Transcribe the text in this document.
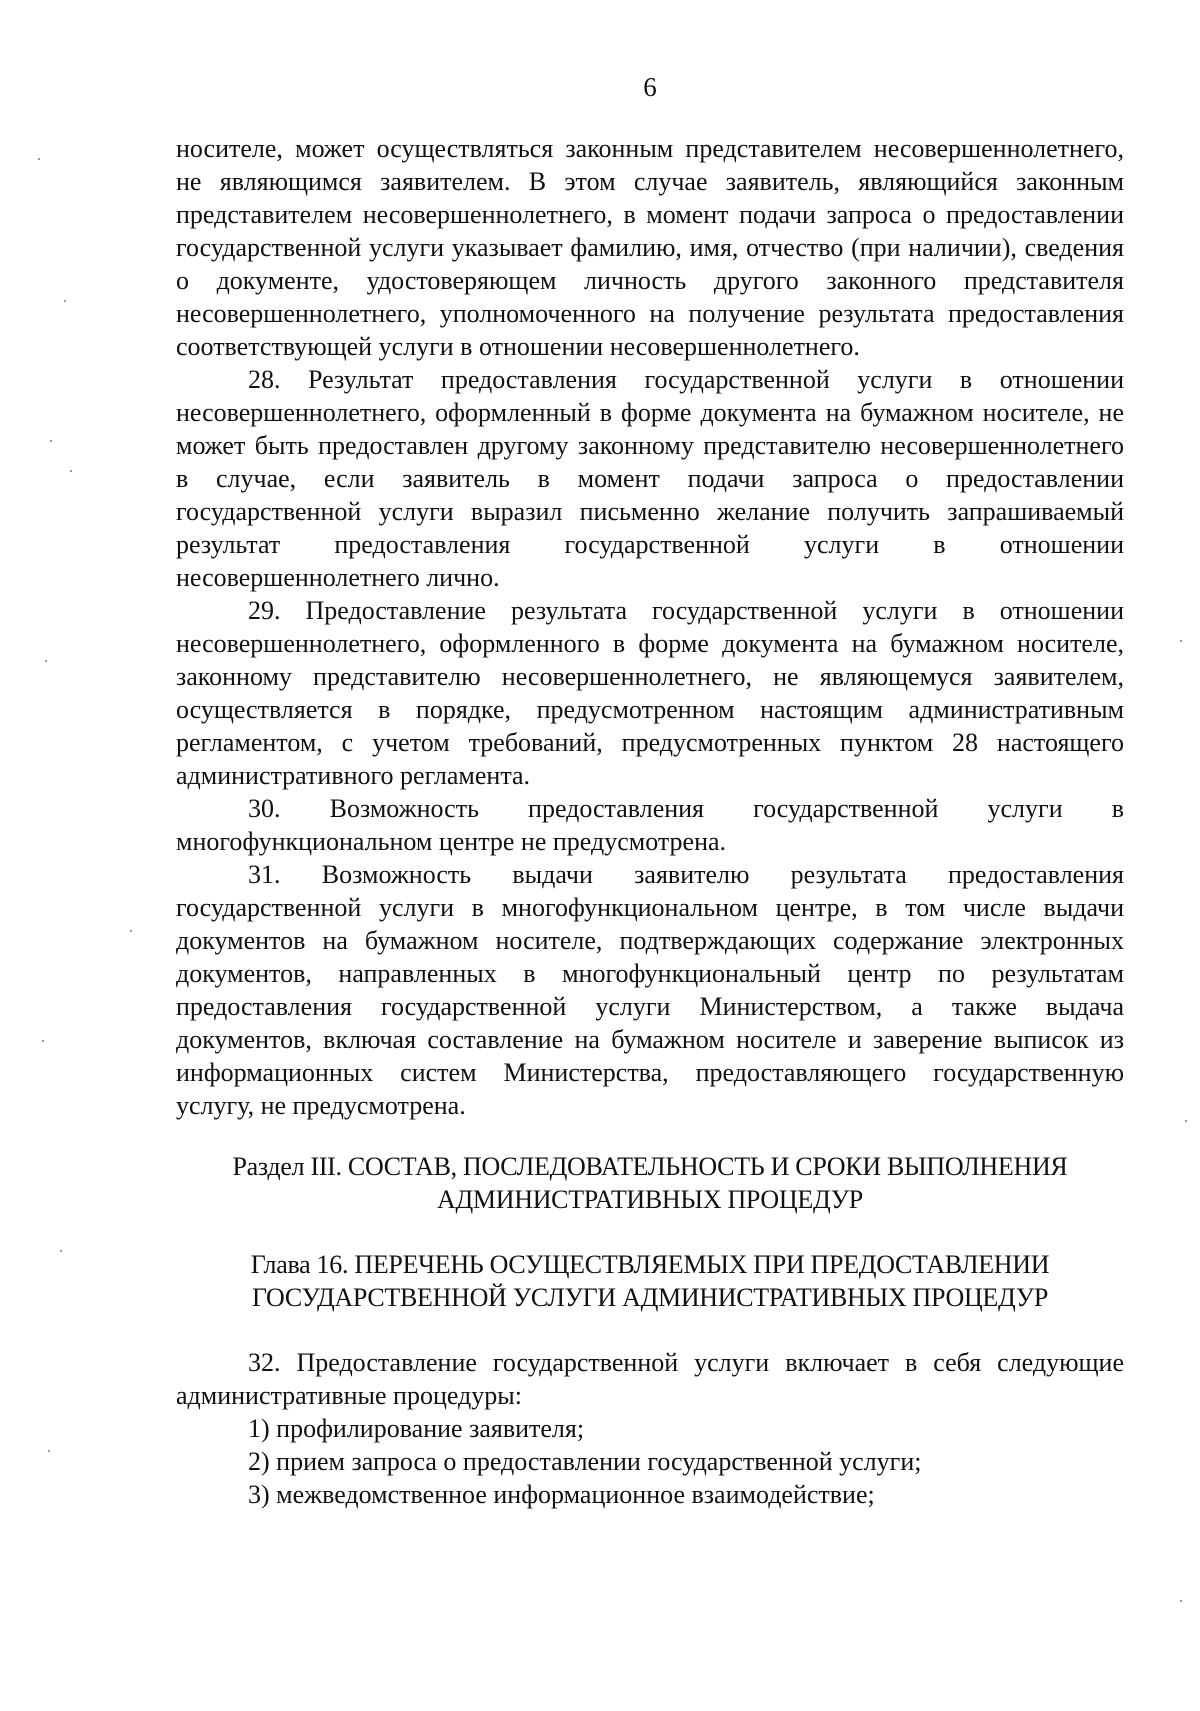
6

носителе, может осуществляться законным представителем несовершеннолетнего, не являющимся заявителем. В этом случае заявитель, являющийся законным представителем несовершеннолетнего, в момент подачи запроса о предоставлении государственной услуги указывает фамилию, имя, отчество (при наличии), сведения о документе, удостоверяющем личность другого законного представителя несовершеннолетнего, уполномоченного на получение результата предоставления соответствующей услуги в отношении несовершеннолетнего.

28. Результат предоставления государственной услуги в отношении несовершеннолетнего, оформленный в форме документа на бумажном носителе, не может быть предоставлен другому законному представителю несовершеннолетнего в случае, если заявитель в момент подачи запроса о предоставлении государственной услуги выразил письменно желание получить запрашиваемый результат предоставления государственной услуги в отношении несовершеннолетнего лично.

29. Предоставление результата государственной услуги в отношении несовершеннолетнего, оформленного в форме документа на бумажном носителе, законному представителю несовершеннолетнего, не являющемуся заявителем, осуществляется в порядке, предусмотренном настоящим административным регламентом, с учетом требований, предусмотренных пунктом 28 настоящего административного регламента.

30. Возможность предоставления государственной услуги в многофункциональном центре не предусмотрена.

31. Возможность выдачи заявителю результата предоставления государственной услуги в многофункциональном центре, в том числе выдачи документов на бумажном носителе, подтверждающих содержание электронных документов, направленных в многофункциональный центр по результатам предоставления государственной услуги Министерством, а также выдача документов, включая составление на бумажном носителе и заверение выписок из информационных систем Министерства, предоставляющего государственную услугу, не предусмотрена.

Раздел III. СОСТАВ, ПОСЛЕДОВАТЕЛЬНОСТЬ И СРОКИ ВЫПОЛНЕНИЯ
АДМИНИСТРАТИВНЫХ ПРОЦЕДУР
Глава 16. ПЕРЕЧЕНЬ ОСУЩЕСТВЛЯЕМЫХ ПРИ ПРЕДОСТАВЛЕНИИ
ГОСУДАРСТВЕННОЙ УСЛУГИ АДМИНИСТРАТИВНЫХ ПРОЦЕДУР

32. Предоставление государственной услуги включает в себя следующие административные процедуры:

1) профилирование заявителя;

2) прием запроса о предоставлении государственной услуги;

3) межведомственное информационное взаимодействие;
